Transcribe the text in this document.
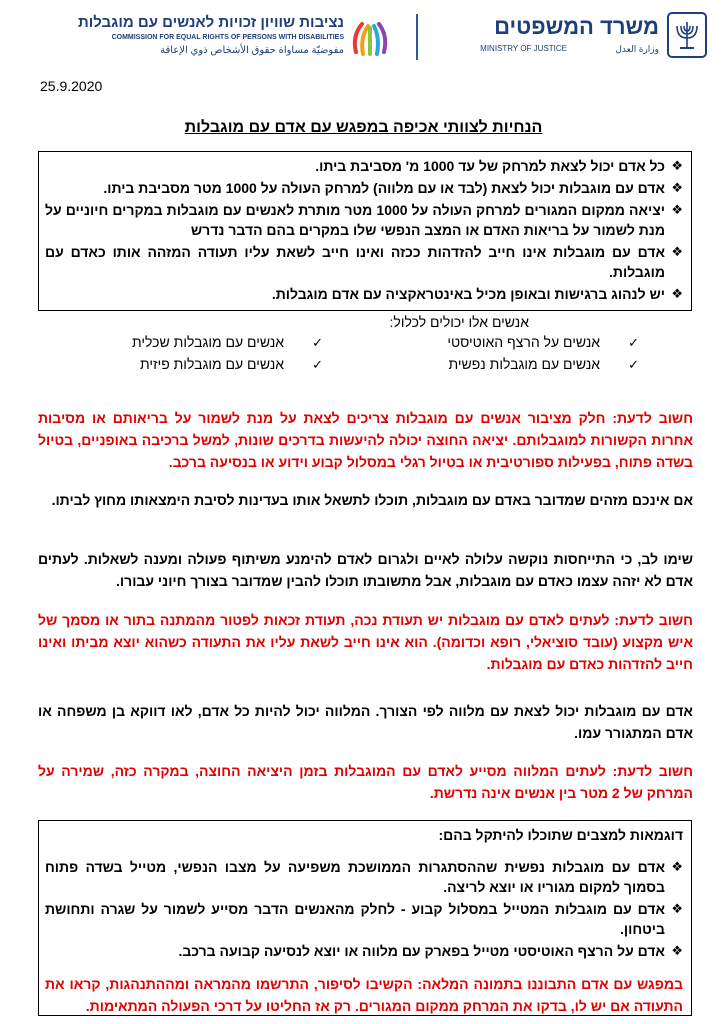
משרד המשפטים
MINISTRY OF JUSTICE	وزارة العدل
נציבות שוויון זכויות לאנשים עם מוגבלות
COMMISSION FOR EQUAL RIGHTS OF PERSONS WITH DISABILITIES
مفوضيّة مساواة حقوق الأشخاص ذوي الإعاقة
25.9.2020
הנחיות לצוותי אכיפה במפגש עם אדם עם מוגבלות
❖
כל אדם יכול לצאת למרחק של עד 1000 מ' מסביבת ביתו.
❖
אדם עם מוגבלות יכול לצאת (לבד או עם מלווה) למרחק העולה על 1000 מטר מסביבת ביתו.
❖
יציאה ממקום המגורים למרחק העולה על 1000 מטר מותרת לאנשים עם מוגבלות במקרים חיוניים על מנת לשמור על בריאות האדם או המצב הנפשי שלו במקרים בהם הדבר נדרש
❖
אדם עם מוגבלות אינו חייב להזדהות ככזה ואינו חייב לשאת עליו תעודה המזהה אותו כאדם עם מוגבלות.
❖
יש לנהוג ברגישות ובאופן מכיל באינטראקציה עם אדם מוגבלות.
אנשים אלו יכולים לכלול:
✓אנשים על הרצף האוטיסטי
✓אנשים עם מוגבלות שכלית
✓אנשים עם מוגבלות נפשית
✓אנשים עם מוגבלות פיזית
חשוב לדעת: חלק מציבור אנשים עם מוגבלות צריכים לצאת על מנת לשמור על בריאותם או מסיבות אחרות הקשורות למוגבלותם. יציאה החוצה יכולה להיעשות בדרכים שונות, למשל ברכיבה באופניים, בטיול בשדה פתוח, בפעילות ספורטיבית או בטיול רגלי במסלול קבוע וידוע או בנסיעה ברכב.
אם אינכם מזהים שמדובר באדם עם מוגבלות, תוכלו לתשאל אותו בעדינות לסיבת הימצאותו מחוץ לביתו.
שימו לב, כי התייחסות נוקשה עלולה לאיים ולגרום לאדם להימנע משיתוף פעולה ומענה לשאלות. לעתים אדם לא יזהה עצמו כאדם עם מוגבלות, אבל מתשובתו תוכלו להבין שמדובר בצורך חיוני עבורו.
חשוב לדעת: לעתים לאדם עם מוגבלות יש תעודת נכה, תעודת זכאות לפטור מהמתנה בתור או מסמך של איש מקצוע (עובד סוציאלי, רופא וכדומה). הוא אינו חייב לשאת עליו את התעודה כשהוא יוצא מביתו ואינו חייב להזדהות כאדם עם מוגבלות.
אדם עם מוגבלות יכול לצאת עם מלווה לפי הצורך. המלווה יכול להיות כל אדם, לאו דווקא בן משפחה או אדם המתגורר עמו.
חשוב לדעת: לעתים המלווה מסייע לאדם עם המוגבלות בזמן היציאה החוצה, במקרה כזה, שמירה על המרחק של 2 מטר בין אנשים אינה נדרשת.
דוגמאות למצבים שתוכלו להיתקל בהם:
❖
אדם עם מוגבלות נפשית שההסתגרות הממושכת משפיעה על מצבו הנפשי, מטייל בשדה פתוח בסמוך למקום מגוריו או יוצא לריצה.
❖
אדם עם מוגבלות המטייל במסלול קבוע - לחלק מהאנשים הדבר מסייע לשמור על שגרה ותחושת ביטחון.
❖
אדם על הרצף האוטיסטי מטייל בפארק עם מלווה או יוצא לנסיעה קבועה ברכב.
במפגש עם אדם התבוננו בתמונה המלאה: הקשיבו לסיפור, התרשמו מהמראה ומההתנהגות, קראו את התעודה אם יש לו, בדקו את המרחק ממקום המגורים. רק אז החליטו על דרכי הפעולה המתאימות.
